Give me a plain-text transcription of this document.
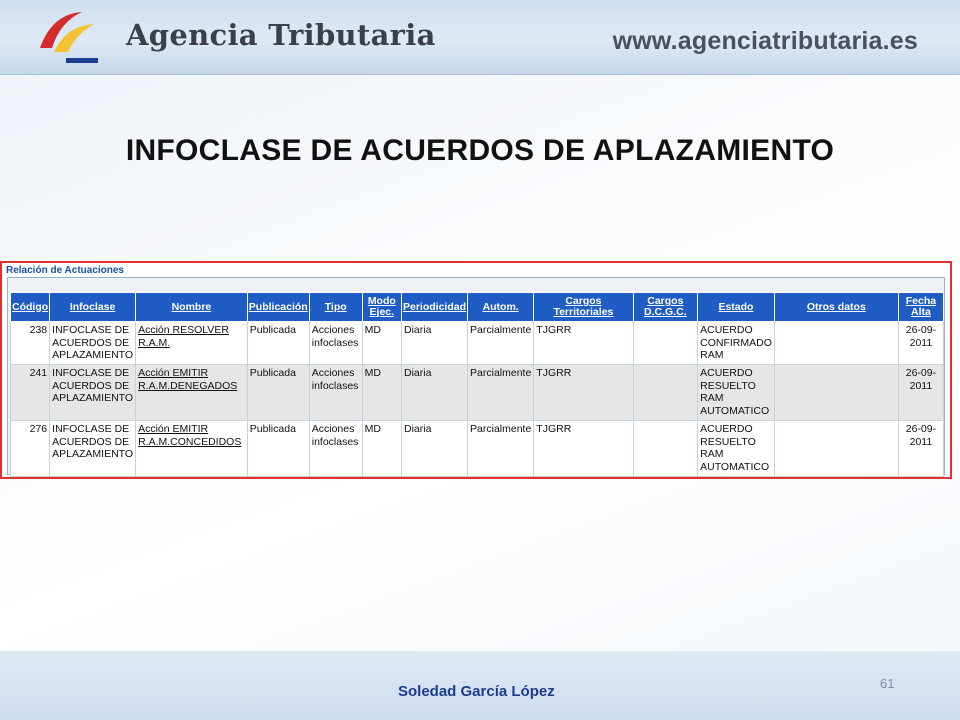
Agencia Tributaria	www.agenciatributaria.es
INFOCLASE DE ACUERDOS DE APLAZAMIENTO
Relación de Actuaciones
Código	Infoclase	Nombre	Publicación	Tipo	Modo Ejec.	Periodicidad	Autom.	Cargos Territoriales	Cargos D.C.G.C.	Estado	Otros datos	Fecha Alta
238	INFOCLASE DE ACUERDOS DE APLAZAMIENTO	Acción RESOLVER R.A.M.	Publicada	Acciones infoclases	MD	Diaria	Parcialmente	TJGRR		ACUERDO CONFIRMADO RAM		26-09-2011
241	INFOCLASE DE ACUERDOS DE APLAZAMIENTO	Acción EMITIR R.A.M.DENEGADOS	Publicada	Acciones infoclases	MD	Diaria	Parcialmente	TJGRR		ACUERDO RESUELTO RAM AUTOMATICO		26-09-2011
276	INFOCLASE DE ACUERDOS DE APLAZAMIENTO	Acción EMITIR R.A.M.CONCEDIDOS	Publicada	Acciones infoclases	MD	Diaria	Parcialmente	TJGRR		ACUERDO RESUELTO RAM AUTOMATICO		26-09-2011
Soledad García López	61
